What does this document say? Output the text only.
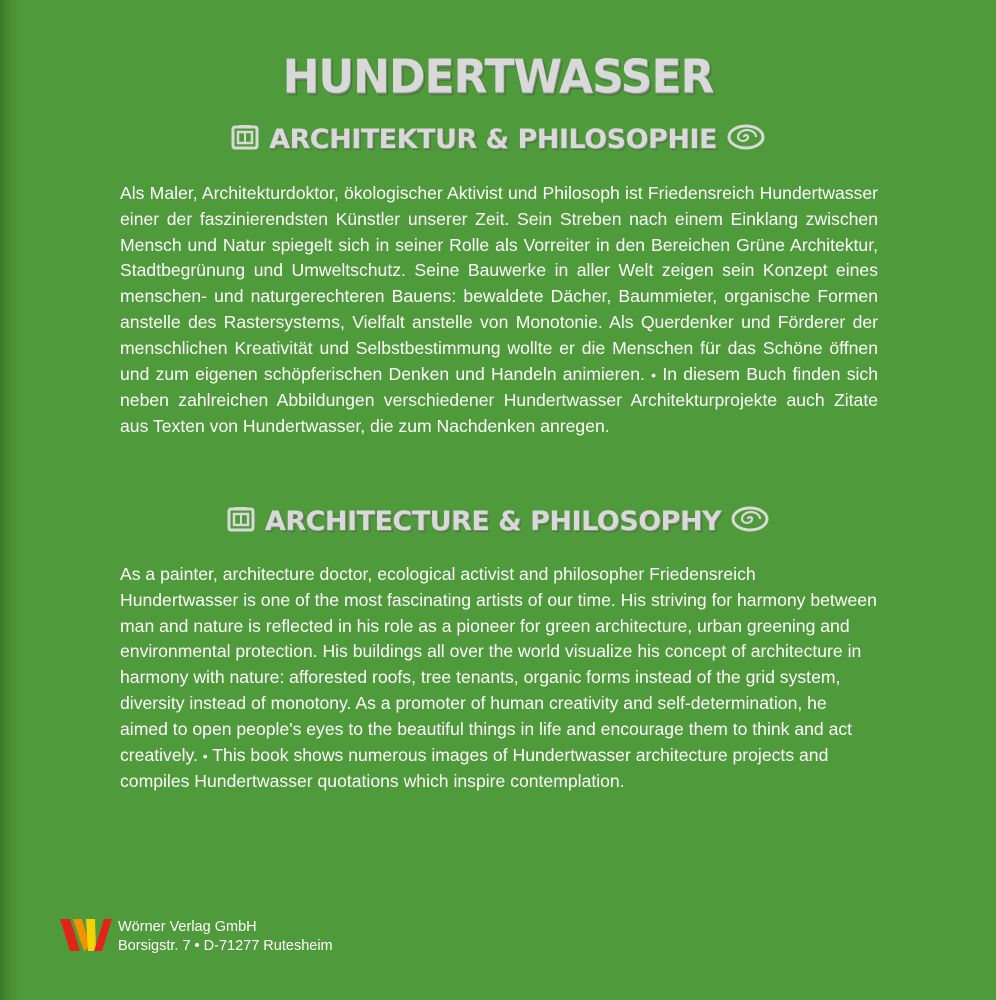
HUNDERTWASSER
ARCHITEKTUR & PHILOSOPHIE

Als Maler, Architekturdoktor, ökologischer Aktivist und Philosoph ist Friedensreich Hundertwasser einer der faszinierendsten Künstler unserer Zeit. Sein Streben nach einem Einklang zwischen Mensch und Natur spiegelt sich in seiner Rolle als Vorreiter in den Bereichen Grüne Architektur, Stadtbegrünung und Umweltschutz. Seine Bauwerke in aller Welt zeigen sein Konzept eines menschen- und naturgerechteren Bauens: bewaldete Dächer, Baummieter, organische Formen anstelle des Rastersystems, Vielfalt anstelle von Monotonie. Als Querdenker und Förderer der menschlichen Kreativität und Selbstbestimmung wollte er die Menschen für das Schöne öffnen und zum eigenen schöpferischen Denken und Handeln animieren. • In diesem Buch finden sich neben zahlreichen Abbildungen verschiedener Hundertwasser Architekturprojekte auch Zitate aus Texten von Hundertwasser, die zum Nachdenken anregen.

ARCHITECTURE & PHILOSOPHY

As a painter, architecture doctor, ecological activist and philosopher Friedensreich Hundertwasser is one of the most fascinating artists of our time. His striving for harmony between man and nature is reflected in his role as a pioneer for green architecture, urban greening and environmental protection. His buildings all over the world visualize his concept of architecture in harmony with nature: afforested roofs, tree tenants, organic forms instead of the grid system, diversity instead of monotony. As a promoter of human creativity and self-determination, he aimed to open people's eyes to the beautiful things in life and encourage them to think and act creatively. • This book shows numerous images of Hundertwasser architecture projects and compiles Hundertwasser quotations which inspire contemplation.

Wörner Verlag GmbH
Borsigstr. 7 • D-71277 Rutesheim
